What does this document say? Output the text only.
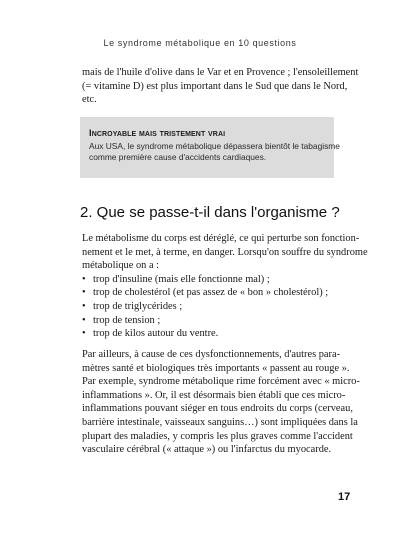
Le syndrome métabolique en 10 questions
mais de l'huile d'olive dans le Var et en Provence ; l'ensoleillement
(= vitamine D) est plus important dans le Sud que dans le Nord,
etc.
Incroyable mais tristement vrai
Aux USA, le syndrome métabolique dépassera bientôt le tabagisme
comme première cause d'accidents cardiaques.
2. Que se passe-t-il dans l'organisme ?
Le métabolisme du corps est déréglé, ce qui perturbe son fonction-
nement et le met, à terme, en danger. Lorsqu'on souffre du syndrome
métabolique on a :
• trop d'insuline (mais elle fonctionne mal) ;
• trop de cholestérol (et pas assez de « bon » cholestérol) ;
• trop de triglycérides ;
• trop de tension ;
• trop de kilos autour du ventre.
Par ailleurs, à cause de ces dysfonctionnements, d'autres para-
mètres santé et biologiques très importants « passent au rouge ».
Par exemple, syndrome métabolique rime forcément avec « micro-
inflammations ». Or, il est désormais bien établi que ces micro-
inflammations pouvant siéger en tous endroits du corps (cerveau,
barrière intestinale, vaisseaux sanguins…) sont impliquées dans la
plupart des maladies, y compris les plus graves comme l'accident
vasculaire cérébral (« attaque ») ou l'infarctus du myocarde.
17
